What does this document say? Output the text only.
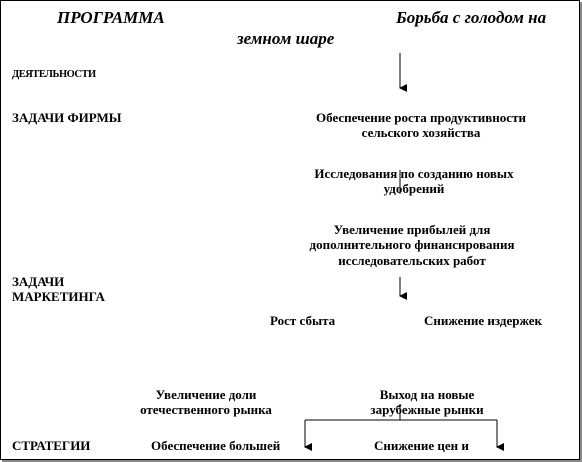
ПРОГРАММА	Борьба с голодом на
земном шаре
ДЕЯТЕЛЬНОСТИ
ЗАДАЧИ ФИРМЫ
ЗАДАЧИ
МАРКЕТИНГА
СТРАТЕГИИ
Обеспечение роста продуктивности
сельского хозяйства
Исследования по созданию новых
удобрений
Увеличение прибылей для
дополнительного финансирования
исследовательских работ
Рост сбыта	Снижение издержек
Увеличение доли
отечественного рынка
Выход на новые
зарубежные рынки
Обеспечение большей	Снижение цен и
